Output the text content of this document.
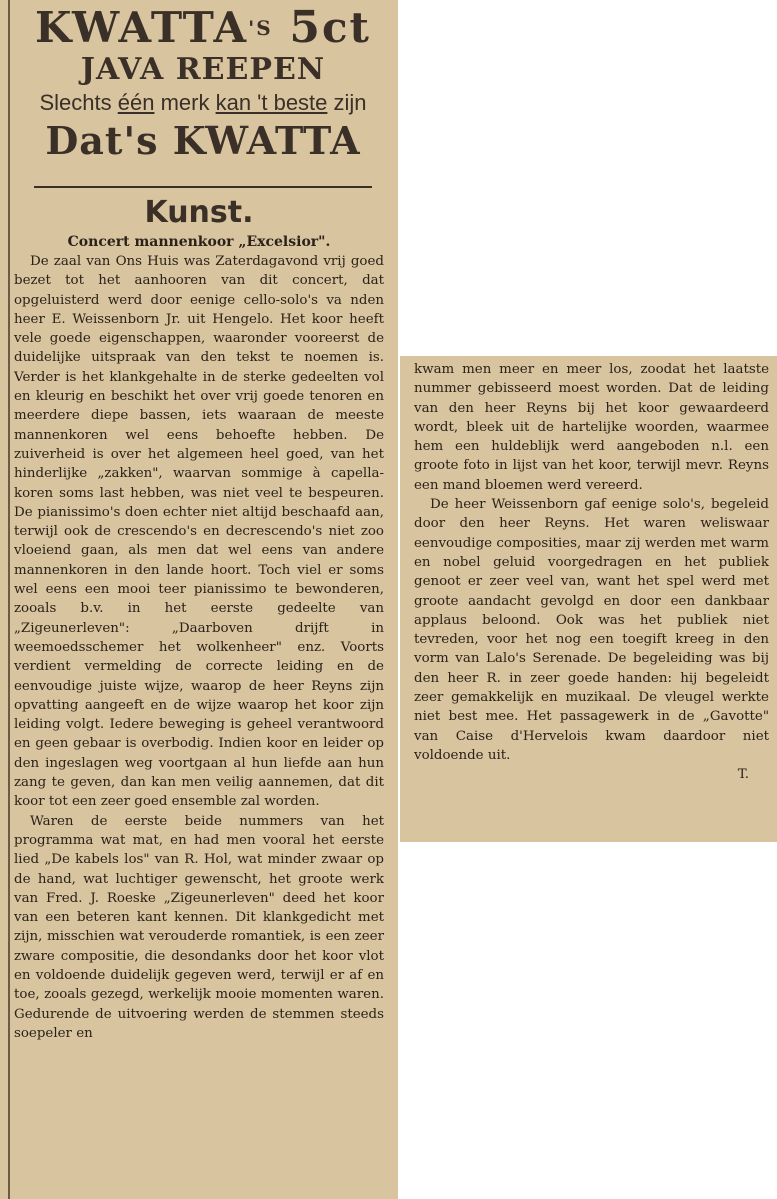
$KWATTA^{'S}$ 5ct
JAVA REEPEN
Slechts één merk kan 't beste zijn
Dat's KWATTA
Kunst.
Concert mannenkoor „Excelsior".

De zaal van Ons Huis was Zaterdagavond vrij goed bezet tot het aanhooren van dit concert, dat opgeluisterd werd door eenige cello-solo's va nden heer E. Weissenborn Jr. uit Hengelo. Het koor heeft vele goede eigenschappen, waaronder vooreerst de duidelijke uitspraak van den tekst te noemen is. Verder is het klankgehalte in de sterke gedeelten vol en kleurig en beschikt het over vrij goede tenoren en meerdere diepe bassen, iets waaraan de meeste mannenkoren wel eens behoefte hebben. De zuiverheid is over het algemeen heel goed, van het hinderlijke „zakken", waarvan sommige à capella-koren soms last hebben, was niet veel te bespeuren. De pianissimo's doen echter niet altijd beschaafd aan, terwijl ook de crescendo's en decrescendo's niet zoo vloeiend gaan, als men dat wel eens van andere mannenkoren in den lande hoort. Toch viel er soms wel eens een mooi teer pianissimo te bewonderen, zooals b.v. in het eerste gedeelte van „Zigeunerleven": „Daarboven drijft in weemoedsschemer het wolkenheer" enz. Voorts verdient vermelding de correcte leiding en de eenvoudige juiste wijze, waarop de heer Reyns zijn opvatting aangeeft en de wijze waarop het koor zijn leiding volgt. Iedere beweging is geheel verantwoord en geen gebaar is overbodig. Indien koor en leider op den ingeslagen weg voortgaan al hun liefde aan hun zang te geven, dan kan men veilig aannemen, dat dit koor tot een zeer goed ensemble zal worden.

Waren de eerste beide nummers van het programma wat mat, en had men vooral het eerste lied „De kabels los" van R. Hol, wat minder zwaar op de hand, wat luchtiger gewenscht, het groote werk van Fred. J. Roeske „Zigeunerleven" deed het koor van een beteren kant kennen. Dit klankgedicht met zijn, misschien wat verouderde romantiek, is een zeer zware compositie, die desondanks door het koor vlot en voldoende duidelijk gegeven werd, terwijl er af en toe, zooals gezegd, werkelijk mooie momenten waren. Gedurende de uitvoering werden de stemmen steeds soepeler en

kwam men meer en meer los, zoodat het laatste nummer gebisseerd moest worden. Dat de leiding van den heer Reyns bij het koor gewaardeerd wordt, bleek uit de hartelijke woorden, waarmee hem een huldeblijk werd aangeboden n.l. een groote foto in lijst van het koor, terwijl mevr. Reyns een mand bloemen werd vereerd.

De heer Weissenborn gaf eenige solo's, begeleid door den heer Reyns. Het waren weliswaar eenvoudige composities, maar zij werden met warm en nobel geluid voorgedragen en het publiek genoot er zeer veel van, want het spel werd met groote aandacht gevolgd en door een dankbaar applaus beloond. Ook was het publiek niet tevreden, voor het nog een toegift kreeg in den vorm van Lalo's Serenade. De begeleiding was bij den heer R. in zeer goede handen: hij begeleidt zeer gemakkelijk en muzikaal. De vleugel werkte niet best mee. Het passagewerk in de „Gavotte" van Caise d'Hervelois kwam daardoor niet voldoende uit.

T.
